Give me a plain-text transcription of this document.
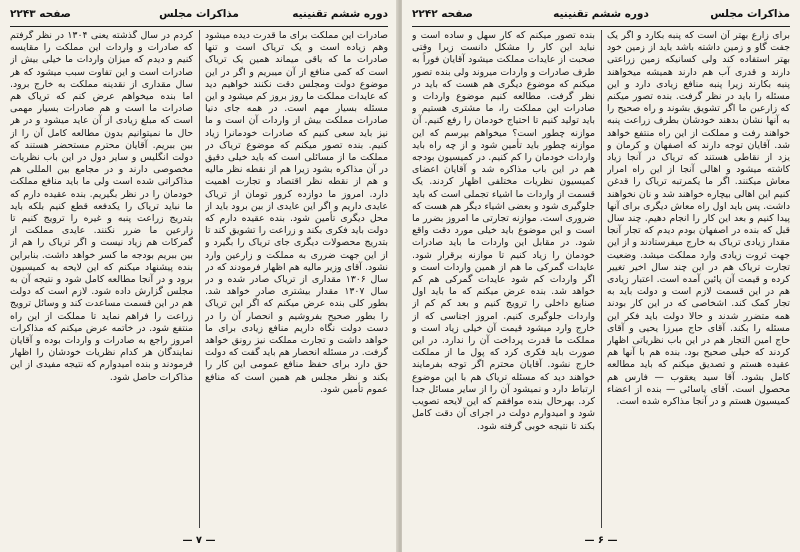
دوره ششم تقنینیه
مذاکرات مجلس
صفحه ۲۲۴۳

صادرات این مملکت برای ما قدرت دیده میشود وهم زیاده است و یک تریاک است و تنها صادرات ما که باقی میماند همین یک تریاک است که کمی منافع از آن میبریم و اگر در این موضوع دولت ومجلس دقت نکنند خواهیم دید که عایدات مملکت ما روز بروز کم میشود و این مسئله بسیار مهم است. در همه جای دنیا صادرات مملکت بیش از واردات آن است و ما نیز باید سعی کنیم که صادرات خودمانرا زیاد کنیم. بنده تصور میکنم که موضوع تریاک در مملکت ما از مسائلی است که باید خیلی دقیق در آن مذاکره بشود زیرا هم از نقطه نظر مالیه و هم از نقطه نظر اقتصاد و تجارت اهمیت دارد. امروز ما دوازده کرور تومان از تریاک عایدی داریم و اگر این عایدی از بین برود باید از محل دیگری تأمین شود. بنده عقیده دارم که دولت باید فکری بکند و زراعت را تشویق کند تا بتدریج محصولات دیگری جای تریاک را بگیرد و از این جهت ضرری به مملکت و زارعین وارد نشود. آقای وزیر مالیه هم اظهار فرمودند که در سال ۱۳۰۶ مقداری از تریاک صادر شده و در سال ۱۳۰۷ مقدار بیشتری صادر خواهد شد. بطور کلی بنده عرض میکنم که اگر این تریاک را بطور صحیح بفروشیم و انحصار آن را در دست دولت نگاه داریم منافع زیادی برای ما خواهد داشت و تجارت مملکت نیز رونق خواهد گرفت. در مسئله انحصار هم باید گفت که دولت حق دارد برای حفظ منافع عمومی این کار را بکند و نظر مجلس هم همین است که منافع عموم تأمین شود.

کردم در سال گذشته یعنی ۱۳۰۴ در نظر گرفتم که صادرات و واردات این مملکت را مقایسه کنیم و دیدم که میزان واردات ما خیلی بیش از صادرات است و این تفاوت سبب میشود که هر سال مقداری از نقدینه مملکت به خارج برود. اما بنده میخواهم عرض کنم که تریاک هم صادرات ما است و هم صادرات بسیار مهمی است که مبلغ زیادی از آن عاید میشود و در هر حال ما نمیتوانیم بدون مطالعه کامل آن را از بین ببریم. آقایان محترم مستحضر هستند که دولت انگلیس و سایر دول در این باب نظریات مخصوصی دارند و در مجامع بین المللی هم مذاکراتی شده است ولی ما باید منافع مملکت خودمان را در نظر بگیریم. بنده عقیده دارم که ما نباید تریاک را یکدفعه قطع کنیم بلکه باید بتدریج زراعت پنبه و غیره را ترویج کنیم تا زارعین ما ضرر نکنند. عایدی مملکت از گمرکات هم زیاد نیست و اگر تریاک را هم از بین ببریم بودجه ما کسر خواهد داشت. بنابراین بنده پیشنهاد میکنم که این لایحه به کمیسیون برود و در آنجا مطالعه کامل شود و نتیجه آن به مجلس گزارش داده شود. لازم است که دولت هم در این قسمت مساعدت کند و وسائل ترویج زراعت را فراهم نماید تا مملکت از این راه منتفع شود. در خاتمه عرض میکنم که مذاکرات امروز راجع به صادرات و واردات بوده و آقایان نمایندگان هر کدام نظریات خودشان را اظهار فرمودند و بنده امیدوارم که نتیجه مفیدی از این مذاکرات حاصل شود.

— ۷ —
مذاکرات مجلس
دوره ششم تقنینیه
صفحه ۲۲۴۲

برای زارع بهتر آن است که پنبه بکارد و اگر یک جفت گاو و زمین داشته باشد باید از زمین خود بهتر استفاده کند ولی کسانیکه زمین زراعتی دارند و قدری آب هم دارند همیشه میخواهند پنبه بکارند زیرا پنبه منافع زیادی دارد و این مسئله را باید در نظر گرفت. بنده تصور میکنم که زارعین ما اگر تشویق بشوند و راه صحیح را به آنها نشان بدهند خودشان بطرف زراعت پنبه خواهند رفت و مملکت از این راه منتفع خواهد شد. آقایان توجه دارند که اصفهان و کرمان و یزد از نقاطی هستند که تریاک در آنجا زیاد کاشته میشود و اهالی آنجا از این راه امرار معاش میکنند. اگر ما یکمرتبه تریاک را قدغن کنیم این اهالی بیچاره خواهند شد و نان نخواهند داشت. پس باید اول راه معاش دیگری برای آنها پیدا کنیم و بعد این کار را انجام دهیم. چند سال قبل که بنده در اصفهان بودم دیدم که تجار آنجا مقدار زیادی تریاک به خارج میفرستادند و از این جهت ثروت زیادی وارد مملکت میشد. وضعیت تجارت تریاک هم در این چند سال اخیر تغییر کرده و قیمت آن پائین آمده است. اعتبار زیادی هم در این قسمت لازم است و دولت باید به تجار کمک کند. اشخاصی که در این کار بودند همه متضرر شدند و حالا دولت باید فکر این مسئله را بکند. آقای حاج میرزا یحیی و آقای حاج امین التجار هم در این باب نظریاتی اظهار کردند که خیلی صحیح بود. بنده هم با آنها هم عقیده هستم و تصدیق میکنم که باید مطالعه کامل بشود. آقا سید یعقوب — فارس هم محصول است. آقای یاسائی — بنده از اعضاء کمیسیون هستم و در آنجا مذاکره شده است.

بنده تصور میکنم که کار سهل و ساده است و نباید این کار را مشکل دانست زیرا وقتی صحبت از عایدات مملکت میشود آقایان فوراً به طرف صادرات و واردات میروند ولی بنده تصور میکنم که موضوع دیگری هم هست که باید در نظر گرفت. مطالعه کنیم موضوع واردات و صادرات این مملکت را، ما مشتری هستیم و باید تولید کنیم تا احتیاج خودمان را رفع کنیم. آن موازنه چطور است؟ میخواهم بپرسم که این موازنه چطور باید تأمین شود و از چه راه باید واردات خودمان را کم کنیم. در کمیسیون بودجه هم در این باب مذاکره شد و آقایان اعضای کمیسیون نظریات مختلفی اظهار کردند. یک قسمت از واردات ما اشیاء تجملی است که باید جلوگیری شود و بعضی اشیاء دیگر هم هست که ضروری است. موازنه تجارتی ما امروز بضرر ما است و این موضوع باید خیلی مورد دقت واقع شود. در مقابل این واردات ما باید صادرات خودمان را زیاد کنیم تا موازنه برقرار شود. عایدات گمرکی ما هم از همین واردات است و اگر واردات کم شود عایدات گمرکی هم کم خواهد شد. بنده عرض میکنم که ما باید اول صنایع داخلی را ترویج کنیم و بعد کم کم از واردات جلوگیری کنیم. امروز اجناسی که از خارج وارد میشود قیمت آن خیلی زیاد است و مملکت ما قدرت پرداخت آن را ندارد. در این صورت باید فکری کرد که پول ما از مملکت خارج نشود. آقایان محترم اگر توجه بفرمایند خواهند دید که مسئله تریاک هم با این موضوع ارتباط دارد و نمیشود آن را از سایر مسائل جدا کرد. بهرحال بنده موافقم که این لایحه تصویب شود و امیدوارم دولت در اجرای آن دقت کامل بکند تا نتیجه خوبی گرفته شود.

— ۶ —
